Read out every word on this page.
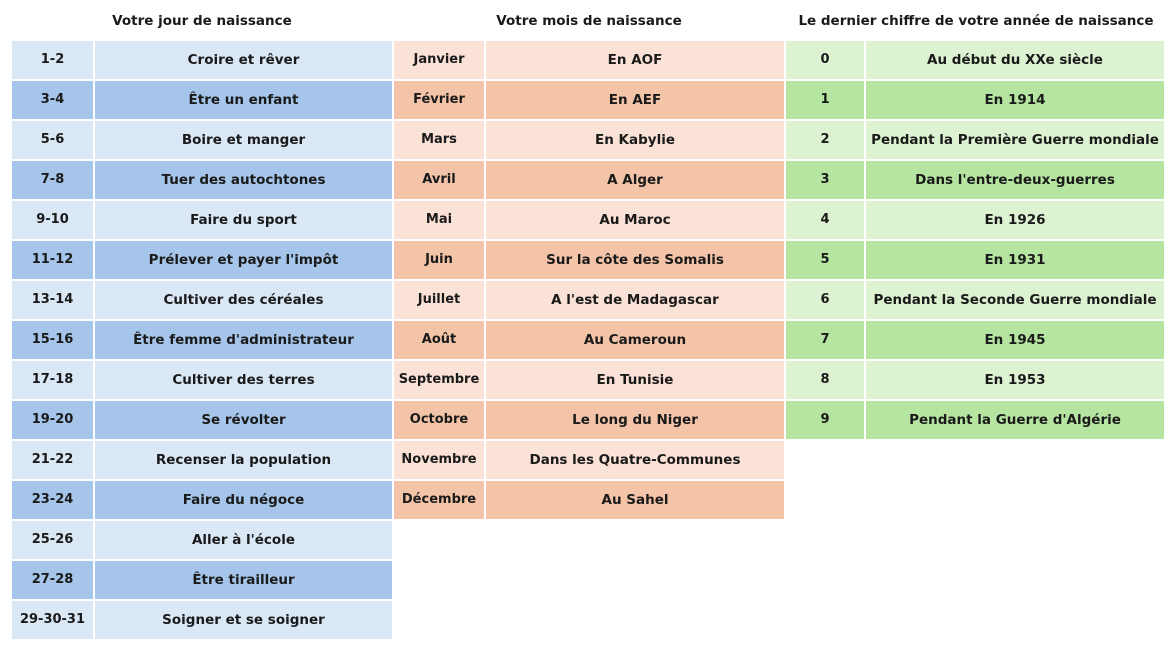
Votre jour de naissance	Votre mois de naissance	Le dernier chiffre de votre année de naissance
1-2	Croire et rêver
3-4	Être un enfant
5-6	Boire et manger
7-8	Tuer des autochtones
9-10	Faire du sport
11-12	Prélever et payer l'impôt
13-14	Cultiver des céréales
15-16	Être femme d'administrateur
17-18	Cultiver des terres
19-20	Se révolter
21-22	Recenser la population
23-24	Faire du négoce
25-26	Aller à l'école
27-28	Être tirailleur
29-30-31	Soigner et se soigner
Janvier	En AOF
Février	En AEF
Mars	En Kabylie
Avril	A Alger
Mai	Au Maroc
Juin	Sur la côte des Somalis
Juillet	A l'est de Madagascar
Août	Au Cameroun
Septembre	En Tunisie
Octobre	Le long du Niger
Novembre	Dans les Quatre-Communes
Décembre	Au Sahel
0	Au début du XXe siècle
1	En 1914
2	Pendant la Première Guerre mondiale
3	Dans l'entre-deux-guerres
4	En 1926
5	En 1931
6	Pendant la Seconde Guerre mondiale
7	En 1945
8	En 1953
9	Pendant la Guerre d'Algérie
